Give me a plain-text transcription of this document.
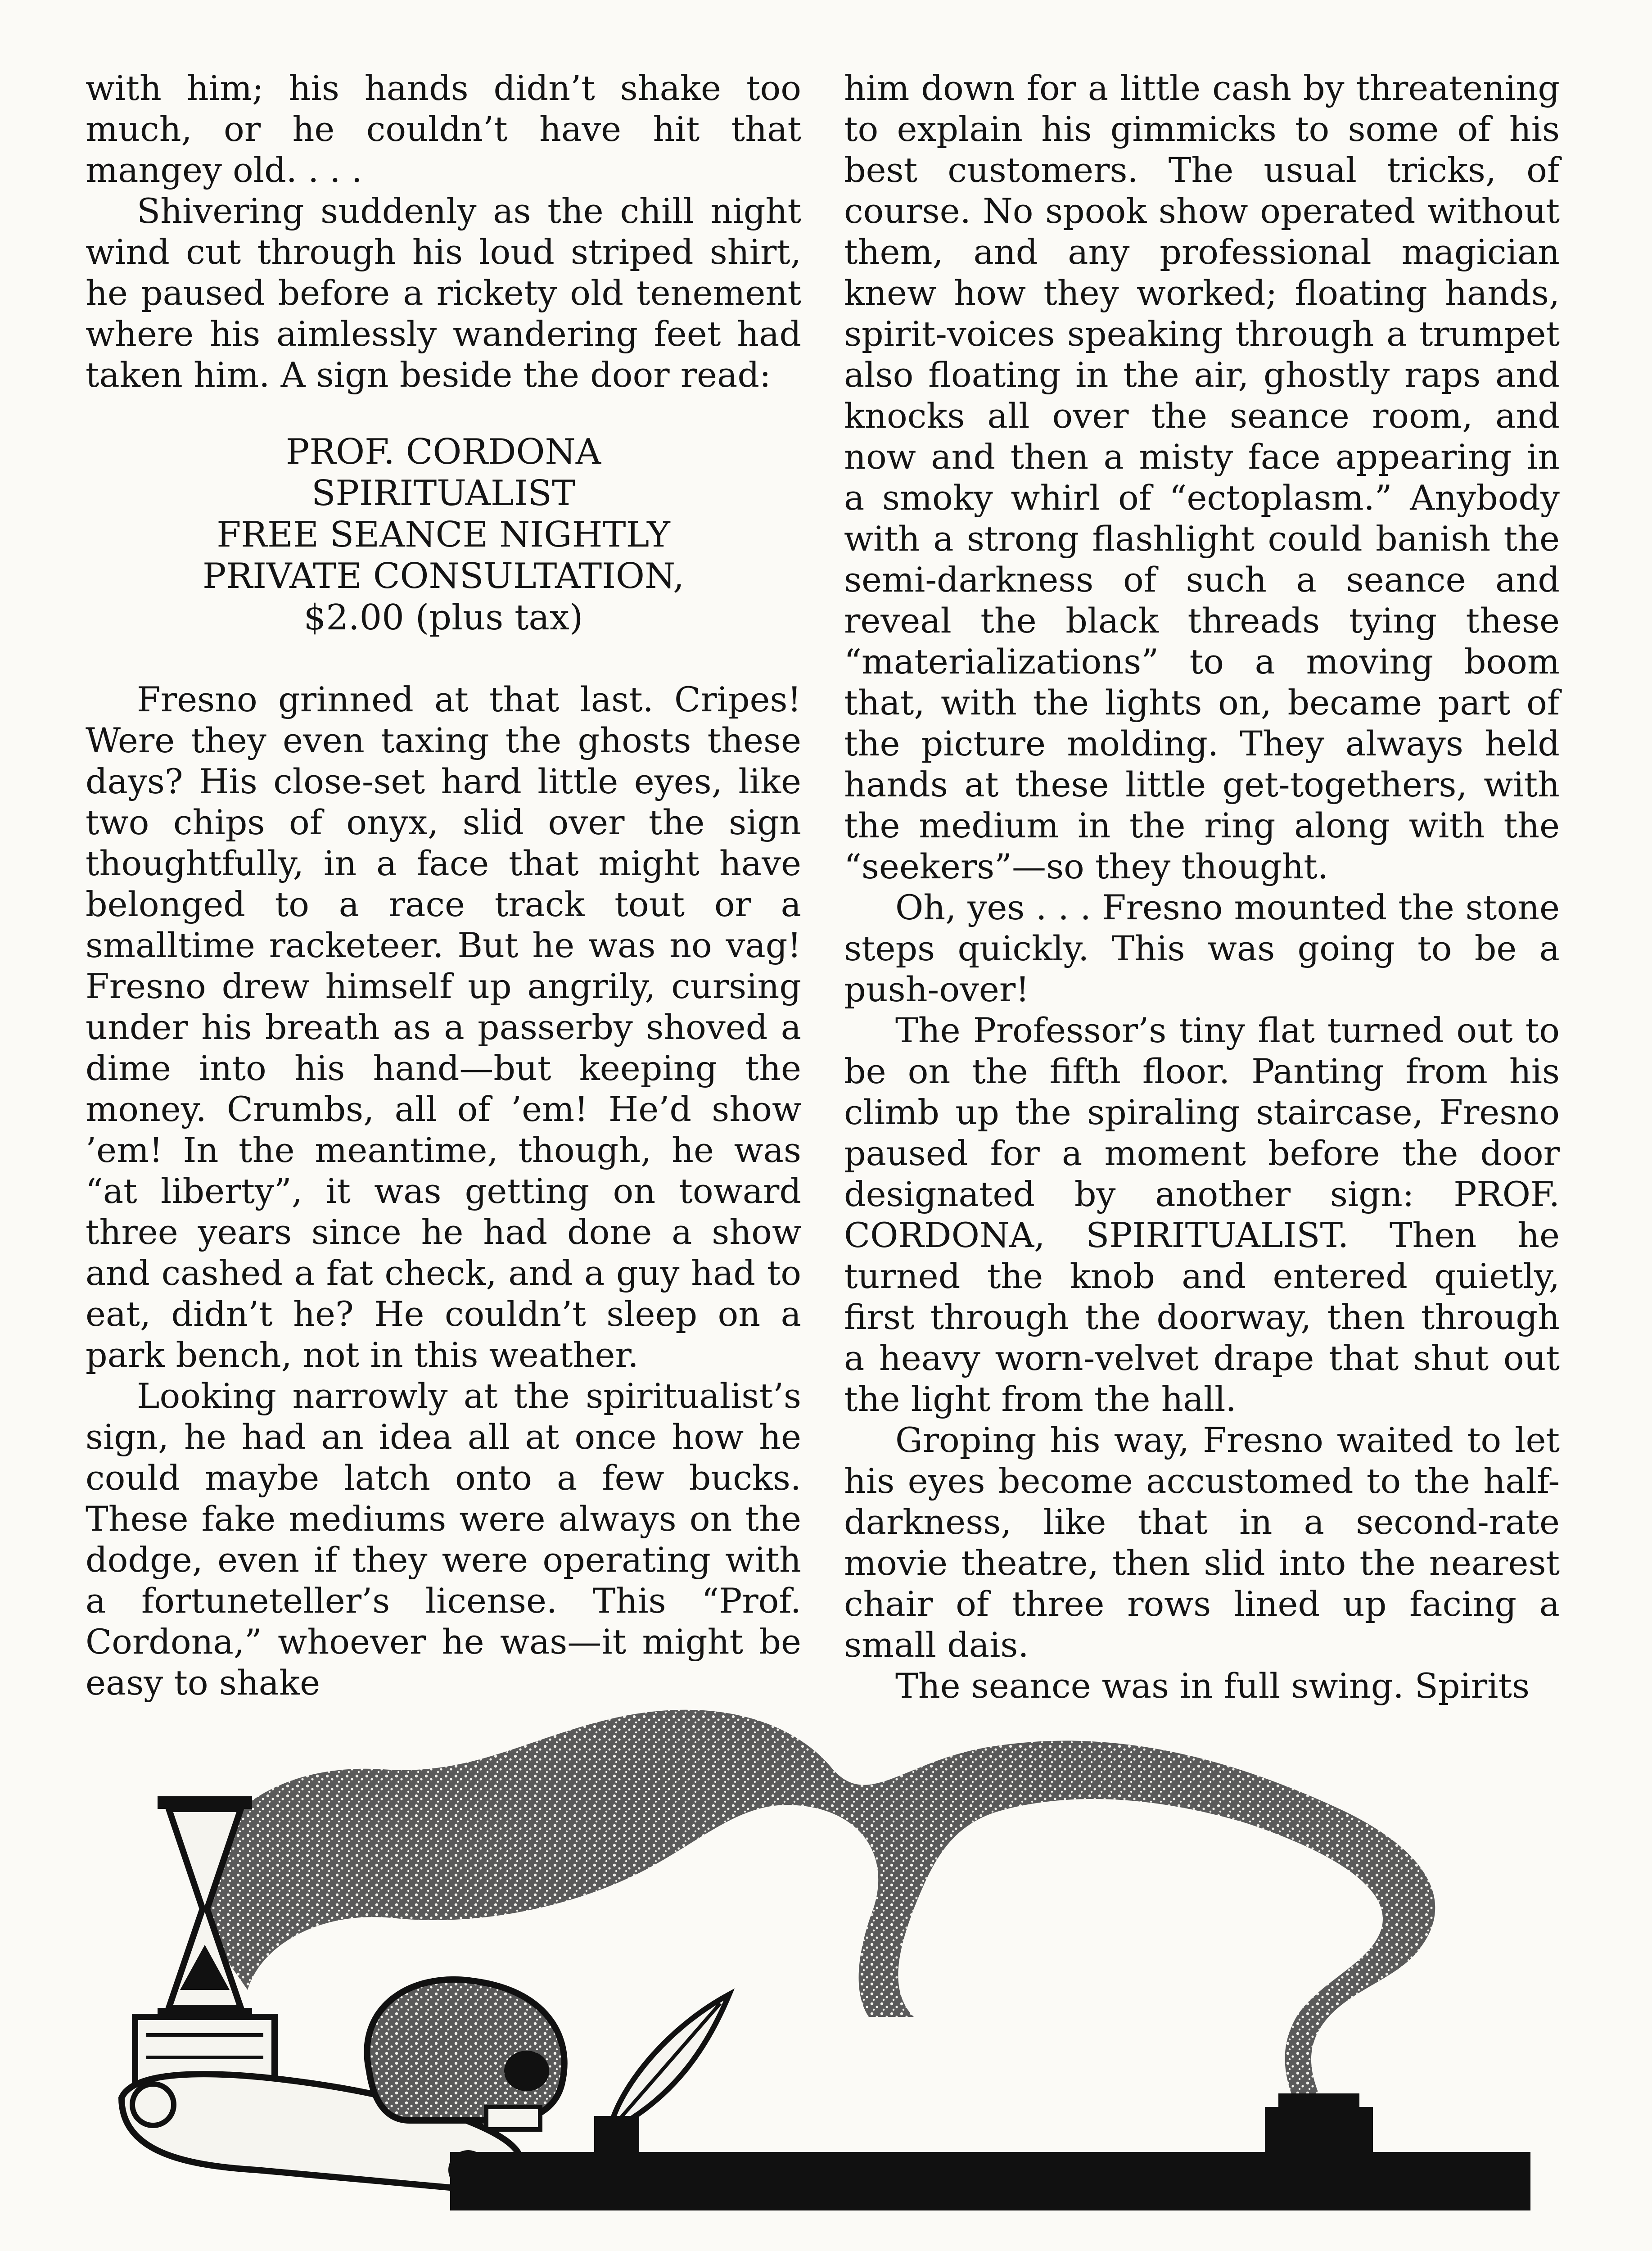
with him; his hands didn’t shake too much, or he couldn’t have hit that mangey old. . . .

Shivering suddenly as the chill night wind cut through his loud striped shirt, he paused before a rickety old tenement where his aimlessly wandering feet had taken him. A sign beside the door read:

PROF. CORDONA
SPIRITUALIST
FREE SEANCE NIGHTLY
PRIVATE CONSULTATION,
$2.00 (plus tax)

Fresno grinned at that last. Cripes! Were they even taxing the ghosts these days? His close-set hard little eyes, like two chips of onyx, slid over the sign thoughtfully, in a face that might have belonged to a race track tout or a smalltime racketeer. But he was no vag! Fresno drew himself up angrily, cursing under his breath as a passerby shoved a dime into his hand—but keeping the money. Crumbs, all of ’em! He’d show ’em! In the meantime, though, he was “at liberty”, it was getting on toward three years since he had done a show and cashed a fat check, and a guy had to eat, didn’t he? He couldn’t sleep on a park bench, not in this weather.

Looking narrowly at the spiritualist’s sign, he had an idea all at once how he could maybe latch onto a few bucks. These fake mediums were always on the dodge, even if they were operating with a fortuneteller’s license. This “Prof. Cordona,” whoever he was—it might be easy to shake

him down for a little cash by threatening to explain his gimmicks to some of his best customers. The usual tricks, of course. No spook show operated without them, and any professional magician knew how they worked; floating hands, spirit-voices speaking through a trumpet also floating in the air, ghostly raps and knocks all over the seance room, and now and then a misty face appearing in a smoky whirl of “ectoplasm.” Anybody with a strong flashlight could banish the semi-darkness of such a seance and reveal the black threads tying these “materializations” to a moving boom that, with the lights on, became part of the picture molding. They always held hands at these little get-togethers, with the medium in the ring along with the “seekers”—so they thought.

Oh, yes . . . Fresno mounted the stone steps quickly. This was going to be a push-over!

The Professor’s tiny flat turned out to be on the fifth floor. Panting from his climb up the spiraling staircase, Fresno paused for a moment before the door designated by another sign: PROF. CORDONA, SPIRITUALIST. Then he turned the knob and entered quietly, first through the doorway, then through a heavy worn-velvet drape that shut out the light from the hall.

Groping his way, Fresno waited to let his eyes become accustomed to the half-darkness, like that in a second-rate movie theatre, then slid into the nearest chair of three rows lined up facing a small dais.

The seance was in full swing. Spirits
